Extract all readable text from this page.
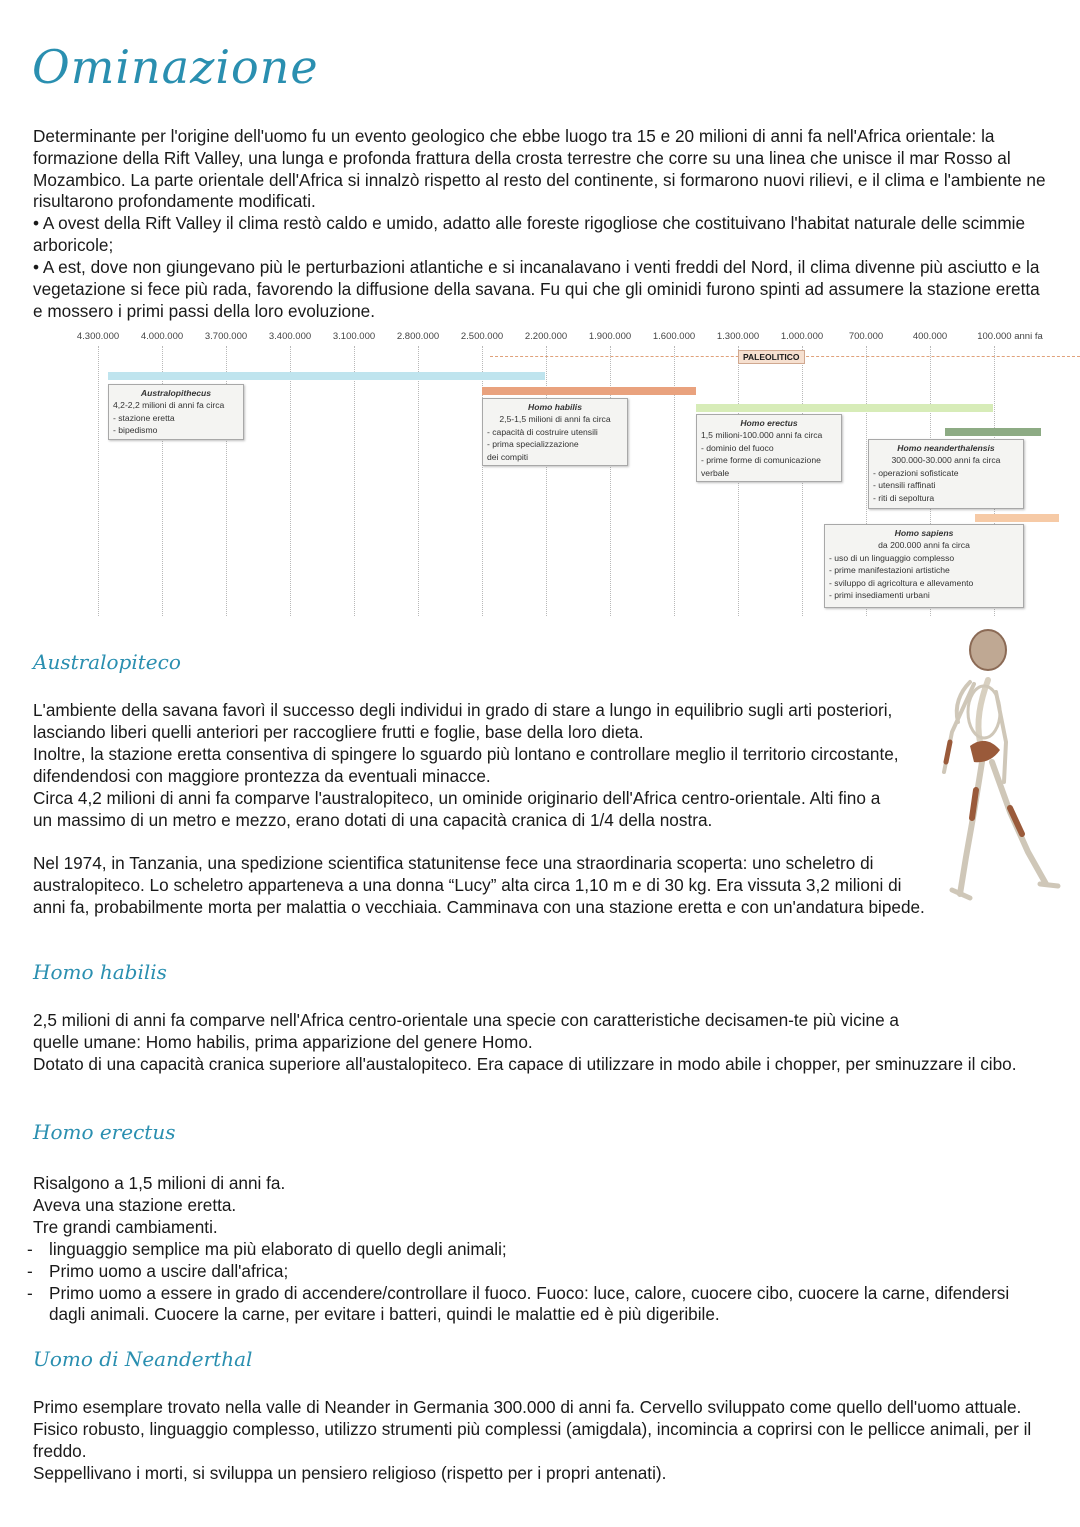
Ominazione

Determinante per l'origine dell'uomo fu un evento geologico che ebbe luogo tra 15 e 20 milioni di anni fa nell'Africa orientale: la formazione della Rift Valley, una lunga e profonda frattura della crosta terrestre che corre su una linea che unisce il mar Rosso al Mozambico. La parte orientale dell'Africa si innalzò rispetto al resto del continente, si formarono nuovi rilievi, e il clima e l'ambiente ne risultarono profondamente modificati.

• A ovest della Rift Valley il clima restò caldo e umido, adatto alle foreste rigogliose che costituivano l'habitat naturale delle scimmie arboricole;

• A est, dove non giungevano più le perturbazioni atlantiche e si incanalavano i venti freddi del Nord, il clima divenne più asciutto e la vegetazione si fece più rada, favorendo la diffusione della savana. Fu qui che gli ominidi furono spinti ad assumere la stazione eretta e mossero i primi passi della loro evoluzione.

4.300.000 4.000.000 3.700.000 3.400.000 3.100.000 2.800.000 2.500.000 2.200.000 1.900.000 1.600.000 1.300.000 1.000.000	700.000	400.000	100.000 anni fa
PALEOLITICO
Australopithecus
4,2-2,2 milioni di anni fa circa
- stazione eretta
- bipedismo
Homo habilis
2,5-1,5 milioni di anni fa circa
- capacità di costruire utensili
- prima specializzazione
dei compiti
Homo erectus
1,5 milioni-100.000 anni fa circa
- dominio del fuoco
- prime forme di comunicazione
verbale
Homo neanderthalensis
300.000-30.000 anni fa circa
- operazioni sofisticate
- utensili raffinati
- riti di sepoltura
Homo sapiens
da 200.000 anni fa circa
- uso di un linguaggio complesso
- prime manifestazioni artistiche
- sviluppo di agricoltura e allevamento
- primi insediamenti urbani
Australopiteco

L'ambiente della savana favorì il successo degli individui in grado di stare a lungo in equilibrio sugli arti posteriori, lasciando liberi quelli anteriori per raccogliere frutti e foglie, base della loro dieta.

Inoltre, la stazione eretta consentiva di spingere lo sguardo più lontano e controllare meglio il territorio circostante, difendendosi con maggiore prontezza da eventuali minacce.

Circa 4,2 milioni di anni fa comparve l'australopiteco, un ominide originario dell'Africa centro-orientale. Alti fino a un massimo di un metro e mezzo, erano dotati di una capacità cranica di 1/4 della nostra.

Nel 1974, in Tanzania, una spedizione scientifica statunitense fece una straordinaria scoperta: uno scheletro di australopiteco. Lo scheletro apparteneva a una donna “Lucy” alta circa 1,10 m e di 30 kg. Era vissuta 3,2 milioni di anni fa, probabilmente morta per malattia o vecchiaia. Camminava con una stazione eretta e con un'andatura bipede.

Homo habilis

2,5 milioni di anni fa comparve nell'Africa centro-orientale una specie con caratteristiche decisamen-te più vicine a quelle umane: Homo habilis, prima apparizione del genere Homo.

Dotato di una capacità cranica superiore all'austalopiteco. Era capace di utilizzare in modo abile i chopper, per sminuzzare il cibo.

Homo erectus

Risalgono a 1,5 milioni di anni fa.

Aveva una stazione eretta.

Tre grandi cambiamenti.

- linguaggio semplice ma più elaborato di quello degli animali;
- Primo uomo a uscire dall'africa;
- Primo uomo a essere in grado di accendere/controllare il fuoco. Fuoco: luce, calore, cuocere cibo, cuocere la carne, difendersi dagli animali. Cuocere la carne, per evitare i batteri, quindi le malattie ed è più digeribile.
Uomo di Neanderthal

Primo esemplare trovato nella valle di Neander in Germania 300.000 di anni fa. Cervello sviluppato come quello dell'uomo attuale. Fisico robusto, linguaggio complesso, utilizzo strumenti più complessi (amigdala), incomincia a coprirsi con le pellicce animali, per il freddo.

Seppellivano i morti, si sviluppa un pensiero religioso (rispetto per i propri antenati).
